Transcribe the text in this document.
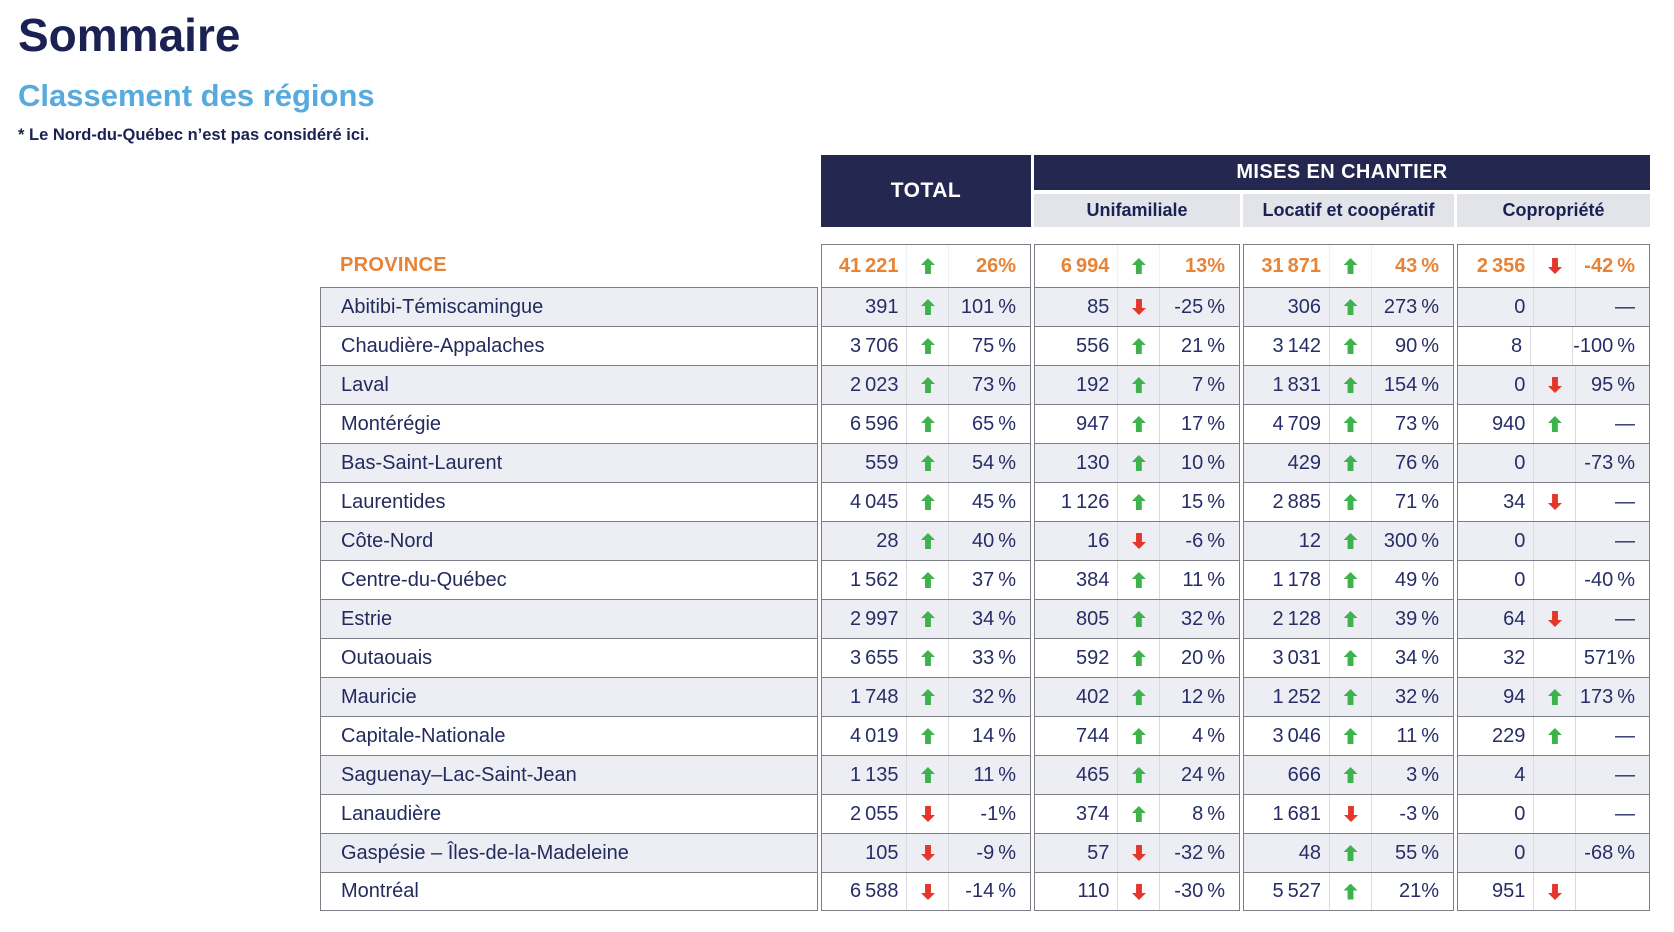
Sommaire
Classement des régions
* Le Nord-du-Québec n’est pas considéré ici.
TOTAL
MISES EN CHANTIER
Unifamiliale	Locatif et coopératif	Copropriété
PROVINCE	41 221	26%	6 994	13%	31 871	43 %	2 356	-42 %
Abitibi-Témiscamingue	391	101 %	85	-25 %	306	273 %	0	—
Chaudière-Appalaches	3 706	75 %	556	21 %	3 142	90 %	8	-100 %
Laval	2 023	73 %	192	7 %	1 831	154 %	0	95 %
Montérégie	6 596	65 %	947	17 %	4 709	73 %	940	—
Bas-Saint-Laurent	559	54 %	130	10 %	429	76 %	0	-73 %
Laurentides	4 045	45 %	1 126	15 %	2 885	71 %	34	—
Côte-Nord	28	40 %	16	-6 %	12	300 %	0	—
Centre-du-Québec	1 562	37 %	384	11 %	1 178	49 %	0	-40 %
Estrie	2 997	34 %	805	32 %	2 128	39 %	64	—
Outaouais	3 655	33 %	592	20 %	3 031	34 %	32	571%
Mauricie	1 748	32 %	402	12 %	1 252	32 %	94	173 %
Capitale-Nationale	4 019	14 %	744	4 %	3 046	11 %	229	—
Saguenay–Lac-Saint-Jean	1 135	11 %	465	24 %	666	3 %	4	—
Lanaudière	2 055	-1%	374	8 %	1 681	-3 %	0	—
Gaspésie – Îles-de-la-Madeleine	105	-9 %	57	-32 %	48	55 %	0	-68 %
Montréal	6 588	-14 %	110	-30 %	5 527	21%	951
